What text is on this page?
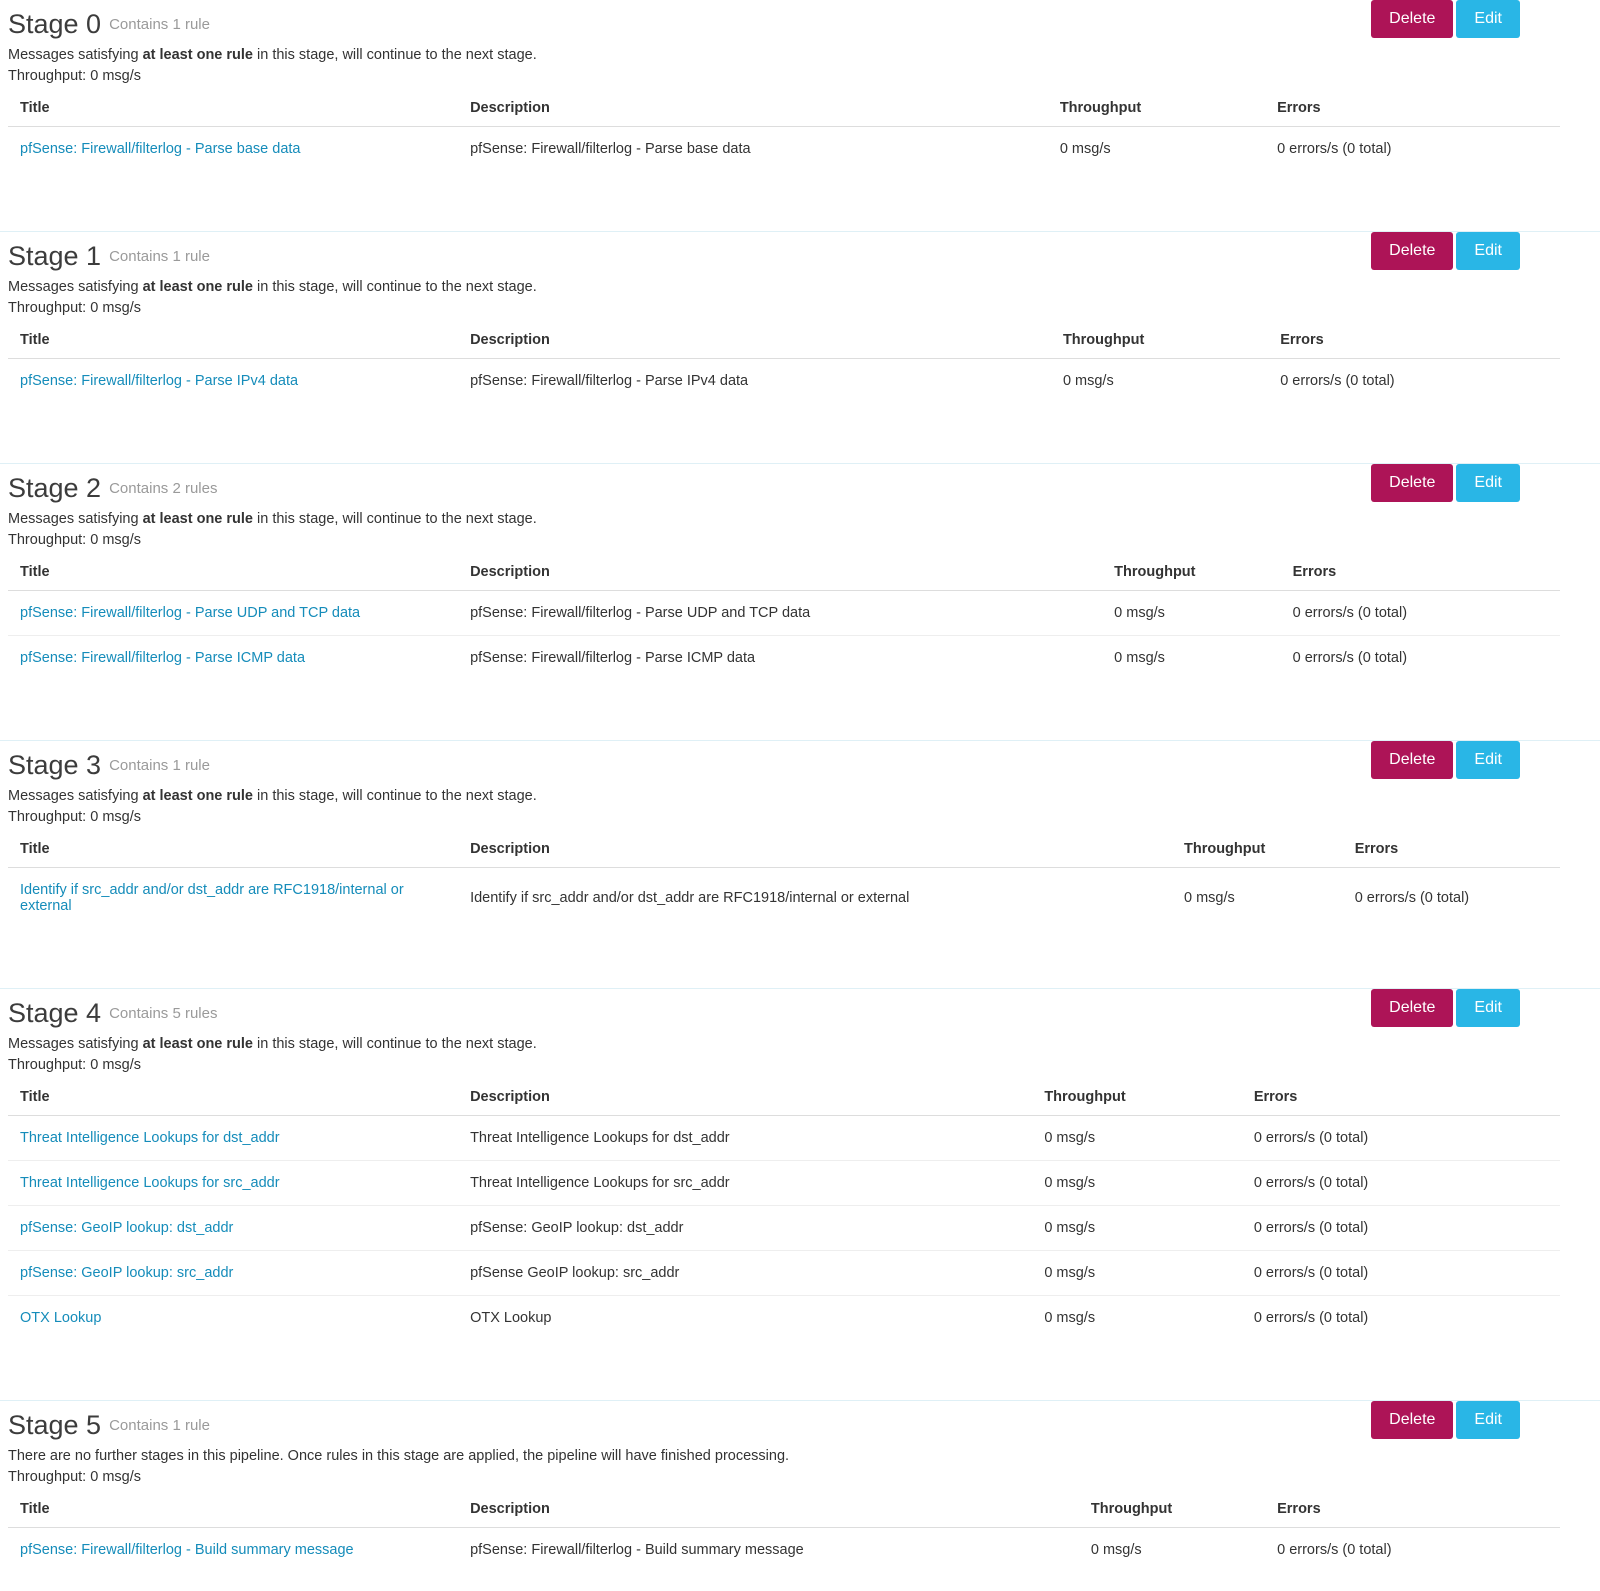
Stage 0 Contains 1 rule
Messages satisfying at least one rule in this stage, will continue to the next stage.
Throughput: 0 msg/s
Delete	Edit
Title	Description	Throughput	Errors
pfSense: Firewall/filterlog - Parse base data	pfSense: Firewall/filterlog - Parse base data	0 msg/s	0 errors/s (0 total)
Stage 1 Contains 1 rule
Messages satisfying at least one rule in this stage, will continue to the next stage.
Throughput: 0 msg/s
Delete	Edit
Title	Description	Throughput	Errors
pfSense: Firewall/filterlog - Parse IPv4 data	pfSense: Firewall/filterlog - Parse IPv4 data	0 msg/s	0 errors/s (0 total)
Stage 2 Contains 2 rules
Messages satisfying at least one rule in this stage, will continue to the next stage.
Throughput: 0 msg/s
Delete	Edit
Title	Description	Throughput	Errors
pfSense: Firewall/filterlog - Parse UDP and TCP data	pfSense: Firewall/filterlog - Parse UDP and TCP data	0 msg/s	0 errors/s (0 total)
pfSense: Firewall/filterlog - Parse ICMP data	pfSense: Firewall/filterlog - Parse ICMP data	0 msg/s	0 errors/s (0 total)
Stage 3 Contains 1 rule
Messages satisfying at least one rule in this stage, will continue to the next stage.
Throughput: 0 msg/s
Delete	Edit
Title	Description	Throughput	Errors
Identify if src_addr and/or dst_addr are RFC1918/internal or external	Identify if src_addr and/or dst_addr are RFC1918/internal or external	0 msg/s	0 errors/s (0 total)
Stage 4 Contains 5 rules
Messages satisfying at least one rule in this stage, will continue to the next stage.
Throughput: 0 msg/s
Delete	Edit
Title	Description	Throughput	Errors
Threat Intelligence Lookups for dst_addr	Threat Intelligence Lookups for dst_addr	0 msg/s	0 errors/s (0 total)
Threat Intelligence Lookups for src_addr	Threat Intelligence Lookups for src_addr	0 msg/s	0 errors/s (0 total)
pfSense: GeoIP lookup: dst_addr	pfSense: GeoIP lookup: dst_addr	0 msg/s	0 errors/s (0 total)
pfSense: GeoIP lookup: src_addr	pfSense GeoIP lookup: src_addr	0 msg/s	0 errors/s (0 total)
OTX Lookup	OTX Lookup	0 msg/s	0 errors/s (0 total)
Stage 5 Contains 1 rule
There are no further stages in this pipeline. Once rules in this stage are applied, the pipeline will have finished processing.
Throughput: 0 msg/s
Delete	Edit
Title	Description	Throughput	Errors
pfSense: Firewall/filterlog - Build summary message	pfSense: Firewall/filterlog - Build summary message	0 msg/s	0 errors/s (0 total)
